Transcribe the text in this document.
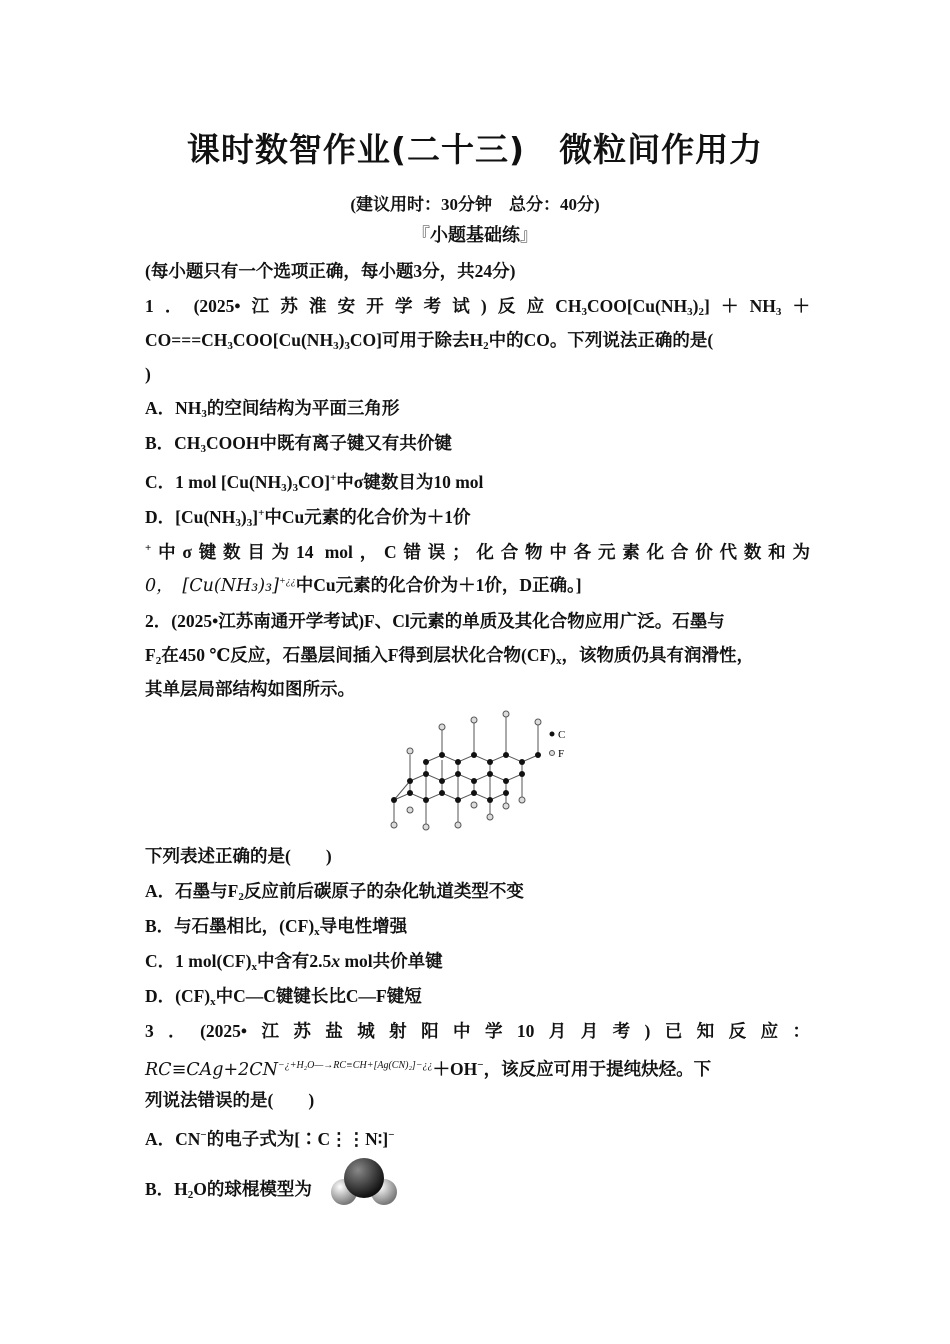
课时数智作业(二十三)　微粒间作用力
(建议用时：30分钟　总分：40分)
『小题基础练』
(每小题只有一个选项正确，每小题3分，共24分)
1．(2025•江苏淮安开学考试)反应$CH_3COO[Cu(NH_3)_2]+NH_3+$
$CO===CH_3COO[Cu(NH_3)_3CO]$可用于除去$H_2$中的CO。下列说法正确的是(
)
A．$NH_3$的空间结构为平面三角形
B．$CH_3COOH$中既有离子键又有共价键
C．1 mol $[Cu(NH_3)_3CO]^+$中σ键数目为10 mol
D．$[Cu(NH_3)_3]^+$中Cu元素的化合价为＋1价
+中σ键数目为14 mol，C错误；化合物中各元素化合价代数和为
0，　 [Cu(NH₃)₃]+¿¿中Cu元素的化合价为＋1价，D正确。]
2．(2025•江苏南通开学考试)F、Cl元素的单质及其化合物应用广泛。石墨与
$F_2$在450 ℃反应，石墨层间插入F得到层状化合物$(CF)_x$，该物质仍具有润滑性，
其单层局部结构如图所示。
C
F
下列表述正确的是(　　)
A．石墨与$F_2$反应前后碳原子的杂化轨道类型不变
B．与石墨相比，$(CF)_x$导电性增强
C．1 $mol(CF)_x$中含有2.5x mol共价单键
D．$(CF)_x$中C—C键键长比C—F键短
3．(2025•江苏盐城射阳中学10月月考)已知反应：
$RC\equiv CAg+2CN^{-¿+H_2O—\to RC\equiv CH+[Ag(CN)_2]-¿¿}+OH^-$，该反应可用于提纯炔烃。下
列说法错误的是(　　)
A．CN−的电子式为[∶C⋮⋮N∶]−
B．$H_2O$的球棍模型为
